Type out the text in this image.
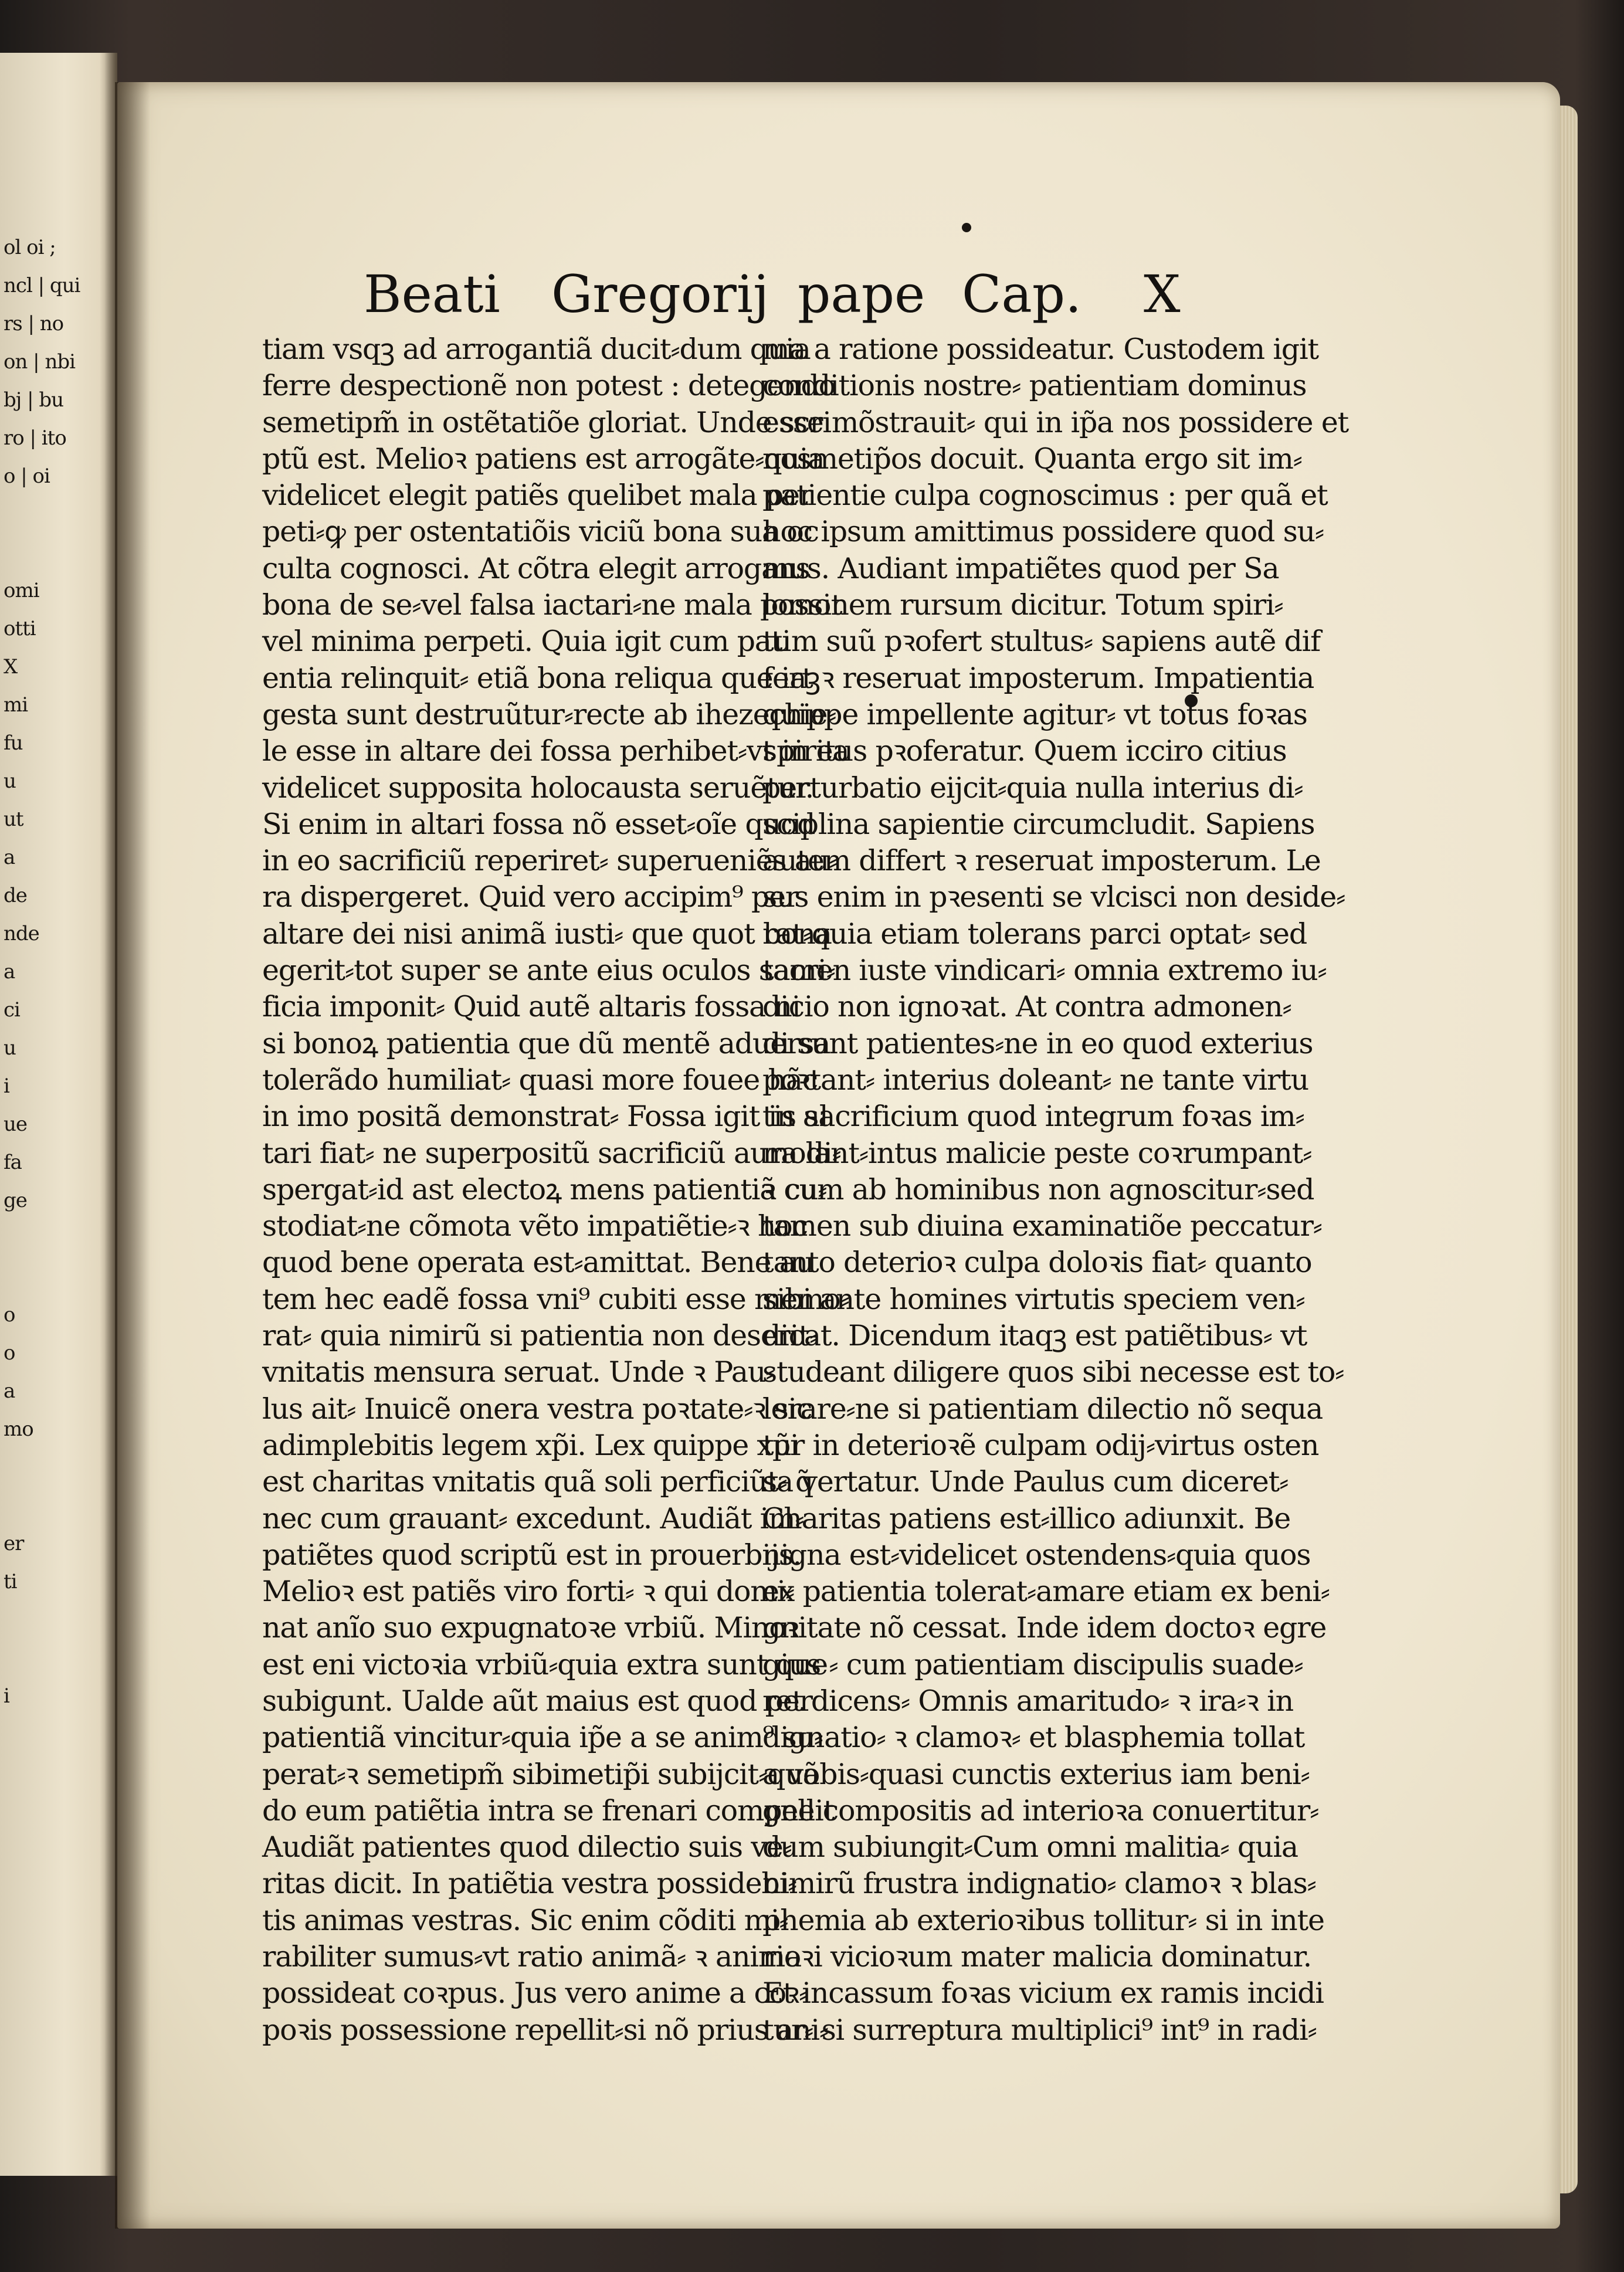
ol oi ;
ncl | qui
rs | no
on | nbi
bj | bu
ro | ito
o | oi
omi
otti
X
mi
fu
u
ut
a
de
nde
a
ci
u
i
ue
fa
ge
o
o
a
mo
er
ti
i
Beati Gregorij pape Cap. X
tiam vsqꝫ ad arrogantiã ducit⸗dum quia
ferre despectionẽ non potest : detegendo
semetipm̃ in ostẽtatiõe gloriat. Unde scri
ptũ est. Melioꝛ patiens est arrogãte⸗quia
videlicet elegit patiẽs quelibet mala per
peti⸗ꝙ per ostentatiõis viciũ bona sua oc
culta cognosci. At cõtra elegit arrogans
bona de se⸗vel falsa iactari⸗ne mala possit
vel minima perpeti. Quia igit cum pati
entia relinquit⸗ etiã bona reliqua que iaꝫ
gesta sunt destruũtur⸗recte ab ihezechie⸗
le esse in altare dei fossa perhibet⸗vt in ea
videlicet supposita holocausta seruẽtur.
Si enim in altari fossa nõ esset⸗oĩe quod
in eo sacrificiũ reperiret⸗ superueniẽs au⸗
ra dispergeret. Quid vero accipim⁹ per
altare dei nisi animã iusti⸗ que quot bona
egerit⸗tot super se ante eius oculos sacri⸗
ficia imponit⸗ Quid autẽ altaris fossa ni
si bonoꝝ patientia que dũ mentẽ aduersa
tolerãdo humiliat⸗ quasi more fouee hãc
in imo positã demonstrat⸗ Fossa igit in al
tari fiat⸗ ne superpositũ sacrificiũ aura di⸗
spergat⸗id ast electoꝝ mens patientiã cu⸗
stodiat⸗ne cõmota vẽto impatiẽtie⸗ꝛ hoc
quod bene operata est⸗amittat. Bene au
tem hec eadẽ fossa vni⁹ cubiti esse memo⸗
rat⸗ quia nimirũ si patientia non deserit⸗
vnitatis mensura seruat. Unde ꝛ Pau⸗
lus ait⸗ Inuicẽ onera vestra poꝛtate⸗ꝛ sic
adimplebitis legem xp̃i. Lex quippe xp̃i
est charitas vnitatis quã soli perficiũt⸗ q̃
nec cum grauant⸗ excedunt. Audiãt im⸗
patiẽtes quod scriptũ est in prouerbijs.
Melioꝛ est patiẽs viro forti⸗ ꝛ qui domi⸗
nat anĩo suo expugnatoꝛe vrbiũ. Minoꝛ
est eni victoꝛia vrbiũ⸗quia extra sunt que
subigunt. Ualde aũt maius est quod per
patientiã vincitur⸗quia ip̃e a se anim⁹ su⸗
perat⸗ꝛ semetipm̃ sibimetip̃i subijcit⸗quã
do eum patiẽtia intra se frenari compellit
Audiãt patientes quod dilectio suis ve⸗
ritas dicit. In patiẽtia vestra possidebi⸗
tis animas vestras. Sic enim cõditi mi⸗
rabiliter sumus⸗vt ratio animã⸗ ꝛ anima
possideat coꝛpus. Jus vero anime a coꝛ⸗
poꝛis possessione repellit⸗si nõ prius ani⸗
ma a ratione possideatur. Custodem igit
conditionis nostre⸗ patientiam dominus
esse mõstrauit⸗ qui in ip̃a nos possidere et
nosmetip̃os docuit. Quanta ergo sit im⸗
patientie culpa cognoscimus : per quã et
hoc ipsum amittimus possidere quod su⸗
mus. Audiant impatiẽtes quod per Sa
lomonem rursum dicitur. Totum spiri⸗
tum suũ pꝛofert stultus⸗ sapiens autẽ dif
fert ꝛ reseruat imposterum. Impatientia
quippe impellente agitur⸗ vt totus foꝛas
spiritus pꝛoferatur. Quem icciro citius
perturbatio eijcit⸗quia nulla interius di⸗
sciplina sapientie circumcludit. Sapiens
autem differt ꝛ reseruat imposterum. Le
sus enim in pꝛesenti se vlcisci non deside⸗
rat⸗quia etiam tolerans parci optat⸗ sed
tamen iuste vindicari⸗ omnia extremo iu⸗
dicio non ignoꝛat. At contra admonen⸗
di sunt patientes⸗ne in eo quod exterius
poꝛtant⸗ interius doleant⸗ ne tante virtu
tis sacrificium quod integrum foꝛas im⸗
molant⸗intus malicie peste coꝛrumpant⸗
ꝛ cum ab hominibus non agnoscitur⸗sed
tamen sub diuina examinatiõe peccatur⸗
tanto deterioꝛ culpa doloꝛis fiat⸗ quanto
sibi ante homines virtutis speciem ven⸗
dicat. Dicendum itaqꝫ est patiẽtibus⸗ vt
studeant diligere quos sibi necesse est to⸗
lerare⸗ne si patientiam dilectio nõ sequa
tur in deterioꝛẽ culpam odij⸗virtus osten
sa vertatur. Unde Paulus cum diceret⸗
Charitas patiens est⸗illico adiunxit. Be
nigna est⸗videlicet ostendens⸗quia quos
ex patientia tolerat⸗amare etiam ex beni⸗
gnitate nõ cessat. Inde idem doctoꝛ egre
gius ⸗ cum patientiam discipulis suade⸗
ret dicens⸗ Omnis amaritudo⸗ ꝛ ira⸗ꝛ in
dignatio⸗ ꝛ clamoꝛ⸗ et blasphemia tollat
a vobis⸗quasi cunctis exterius iam beni⸗
gne compositis ad interioꝛa conuertitur⸗
dum subiungit⸗Cum omni malitia⸗ quia
nimirũ frustra indignatio⸗ clamoꝛ ꝛ blas⸗
phemia ab exterioꝛibus tollitur⸗ si in inte
rioꝛi vicioꝛum mater malicia dominatur.
Et incassum foꝛas vicium ex ramis incidi
tur⸗ si surreptura multiplici⁹ int⁹ in radi⸗
